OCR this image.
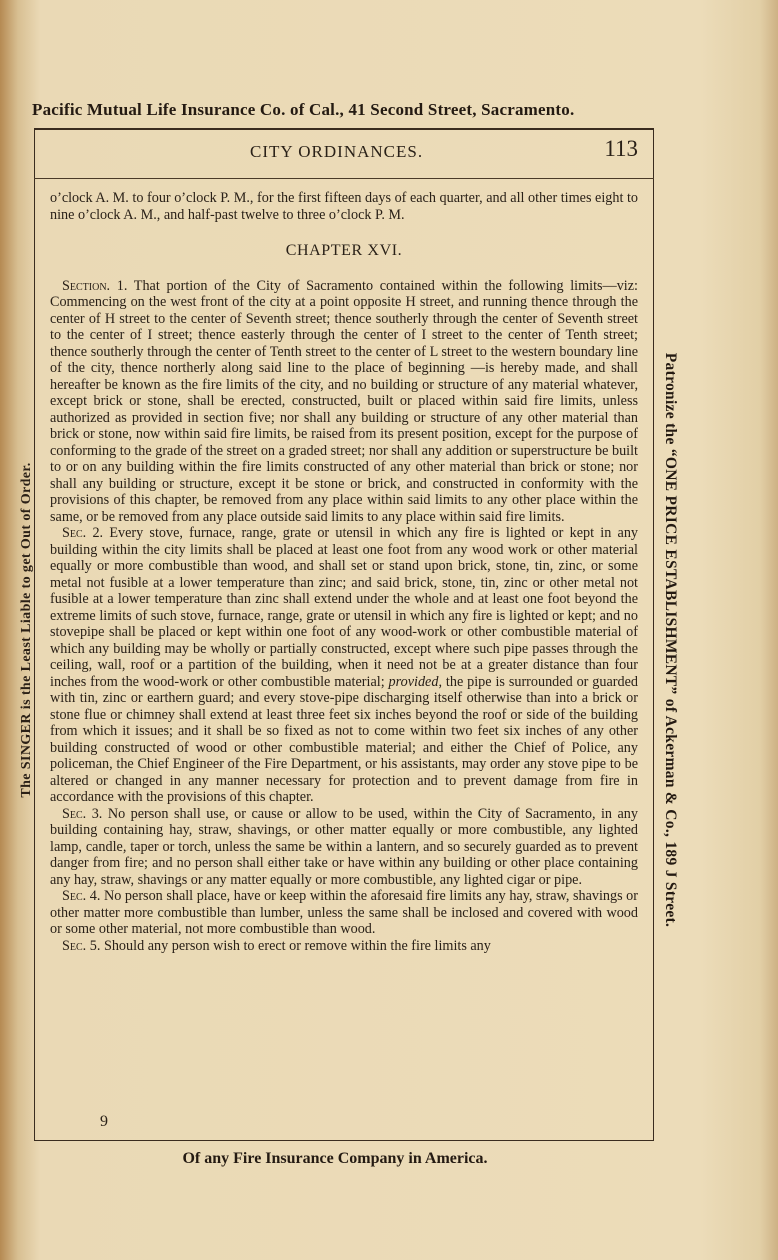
Pacific Mutual Life Insurance Co. of Cal., 41 Second Street, Sacramento.
The SINGER is the Least Liable to get Out of Order.	Patronize the “ONE PRICE ESTABLISHMENT” of Ackerman & Co., 189 J Street.
CITY ORDINANCES.	113

o’clock A. M. to four o’clock P. M., for the first fifteen days of each quarter, and all other times eight to nine o’clock A. M., and half-past twelve to three o’clock P. M.

CHAPTER XVI.

Section. 1. That portion of the City of Sacramento contained within the following limits—viz: Commencing on the west front of the city at a point opposite H street, and running thence through the center of H street to the center of Seventh street; thence southerly through the center of Seventh street to the center of I street; thence easterly through the center of I street to the center of Tenth street; thence southerly through the center of Tenth street to the center of L street to the western boundary line of the city, thence northerly along said line to the place of beginning —is hereby made, and shall hereafter be known as the fire limits of the city, and no building or structure of any material whatever, except brick or stone, shall be erected, constructed, built or placed within said fire limits, unless authorized as provided in section five; nor shall any building or structure of any other material than brick or stone, now within said fire limits, be raised from its present position, except for the purpose of conforming to the grade of the street on a graded street; nor shall any addition or superstructure be built to or on any building within the fire limits constructed of any other material than brick or stone; nor shall any building or structure, except it be stone or brick, and constructed in conformity with the provisions of this chapter, be removed from any place within said limits to any other place within the same, or be removed from any place outside said limits to any place within said fire limits.

Sec. 2. Every stove, furnace, range, grate or utensil in which any fire is lighted or kept in any building within the city limits shall be placed at least one foot from any wood work or other material equally or more combustible than wood, and shall set or stand upon brick, stone, tin, zinc, or some metal not fusible at a lower temperature than zinc; and said brick, stone, tin, zinc or other metal not fusible at a lower temperature than zinc shall extend under the whole and at least one foot beyond the extreme limits of such stove, furnace, range, grate or utensil in which any fire is lighted or kept; and no stovepipe shall be placed or kept within one foot of any wood-work or other combustible material of which any building may be wholly or partially constructed, except where such pipe passes through the ceiling, wall, roof or a partition of the building, when it need not be at a greater distance than four inches from the wood-work or other combustible material; provided, the pipe is surrounded or guarded with tin, zinc or earthern guard; and every stove-pipe discharging itself otherwise than into a brick or stone flue or chimney shall extend at least three feet six inches beyond the roof or side of the building from which it issues; and it shall be so fixed as not to come within two feet six inches of any other building constructed of wood or other combustible material; and either the Chief of Police, any policeman, the Chief Engineer of the Fire Department, or his assistants, may order any stove pipe to be altered or changed in any manner necessary for protection and to prevent damage from fire in accordance with the provisions of this chapter.

Sec. 3. No person shall use, or cause or allow to be used, within the City of Sacramento, in any building containing hay, straw, shavings, or other matter equally or more combustible, any lighted lamp, candle, taper or torch, unless the same be within a lantern, and so securely guarded as to prevent danger from fire; and no person shall either take or have within any building or other place containing any hay, straw, shavings or any matter equally or more combustible, any lighted cigar or pipe.

Sec. 4. No person shall place, have or keep within the aforesaid fire limits any hay, straw, shavings or other matter more combustible than lumber, unless the same shall be inclosed and covered with wood or some other material, not more combustible than wood.

Sec. 5. Should any person wish to erect or remove within the fire limits any

9
Of any Fire Insurance Company in America.
